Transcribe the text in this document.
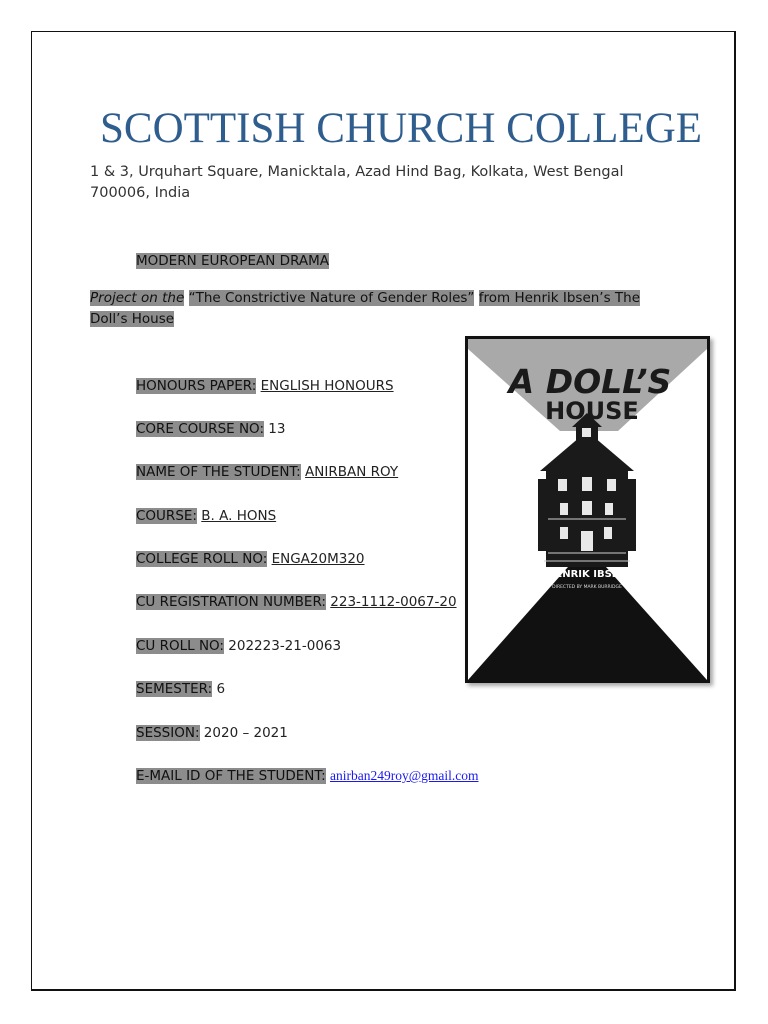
SCOTTISH CHURCH COLLEGE
1 & 3, Urquhart Square, Manicktala, Azad Hind Bag, Kolkata, West Bengal 700006, India
MODERN EUROPEAN DRAMA
Project on the “The Constrictive Nature of Gender Roles” from Henrik Ibsen’s The Doll’s House
HONOURS PAPER: ENGLISH HONOURS
CORE COURSE NO: 13
NAME OF THE STUDENT: ANIRBAN ROY
COURSE: B. A. HONS
COLLEGE ROLL NO: ENGA20M320
CU REGISTRATION NUMBER: 223-1112-0067-20
CU ROLL NO: 202223-21-0063
SEMESTER: 6
SESSION: 2020 – 2021
E-MAIL ID OF THE STUDENT: anirban249roy@gmail.com
A DOLL’S
HOUSE
HENRIK IBSEN
DIRECTED BY MARK BURRIDGE
